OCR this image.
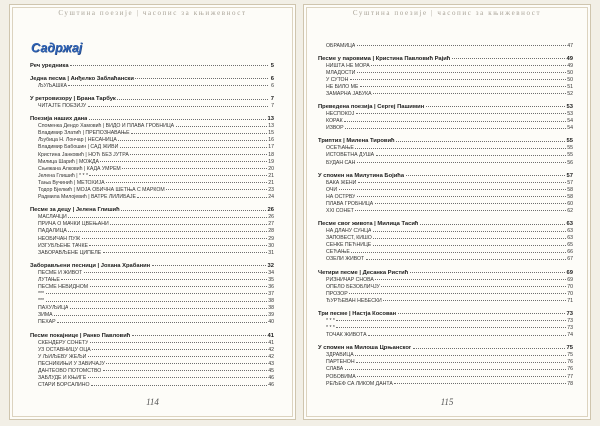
Суштина поезије | часопис за књижевност
Садржај
Реч уредника	5
Једна песма | Анђелко Заблаћански	6
ЉУЉАШКА	6
У ретровизору | Брана Тарбук	7
ЧИТАЈТЕ ПОЕЗИЈУ	7
Поезија наших дана	13
Споменка Дендо Хамовић | ВИДО И ПЛАВА ГРОБНИЦА	13
Владимир Златић | ПРЕПОЗНАВАЊЕ	15
Љубица Н. Лончар | НЕСАНИЦА	16
Владимир Бабошин | САД ЖИВИ	17
Кристина Јанковић | НОЋ БЕЗ ЈУТРА	18
Милица Шарић | МОЖДА	19
Сњежана Алковић | КАДА УМРЕМ	20
Јелена Глишић | * * *	21
Тања Вучинић | МЕТОХИЈА	21
Тодор Бјелкић | МОЈА ОБИЧНА ШЕТЊА С МАРКОМ	23
Радмила Милојевић | ВАТРЕ ЛИЛИБАЈЕ	24
Песме за децу | Јелена Глишић	26
МАСЛАЧЦИ	26
ПРИЧА О МАЧКИ ЦВЕЊАНИ	27
ПАДАЛИЦА	28
НЕОБИЧАН ПУЖ	29
ИЗГУБЉЕНЕ ТАЧКЕ	30
ЗАБОРАВЉЕНЕ ЦИПЕЛЕ	31
Заборављени песници | Јохана Храбанин	32
ПЕСМЕ И ЖИВОТ	34
ЛУТАЊЕ	35
ПЕСМЕ НЕВИДНОМ	36
***	37
***	38
ПАХУЉИЦА	38
ЗИМА	39
ПЕХАР	40
Песме покајнице | Ранко Павловић	41
СКЕНДЕРУ СОНЕТУ	41
УЗ ОСТАВНИЦУ ОЦА	42
У ЉИЉЕВУ ЖЕЉИ	42
ПЕСНИКИЊИ У ЗАВИЧАЈУ	43
ДАНТЕОВО ПОТОМСТВО	45
ЗАБЛУДЕ И КЊИГЕ	46
СТАРИ БОРСАЛИНО	46
114
Суштина поезије | часопис за књижевност
ОБРАМИЦА	47
Песме у паровима | Кристина Павловић Рајић	49
НИШТА НЕ МОРА	49
МЛАДОСТИ	50
У СУТОН	50
НЕ БИЛО МЕ	51
ЗАМАРНА ЈАБУКА	52
Преведена поезија | Сергеј Пашимин	53
НЕСПОКОЈ	53
КОРАК	54
ИЗВОР	54
Триптих | Милена Тировић	55
ОСЕЋАЊЕ	55
ИСТОВЕТНА ДУША	55
БУДАН САН	56
У спомен на Милутина Бојића	57
БАКА ЖЕНИ	57
ОЧИ	58
НА ОСТРВУ	58
ПЛАВА ГРОБНИЦА	60
XXI СОНЕТ	62
Песме свог живота | Милица Тасић	63
НА ДЛАНУ СУНЦА	63
ЗАПОВЕСТ, КИШО	63
СЕНКЕ ПЕЋНИЦЕ	65
СЕЋАЊЕ	66
ОЗЕЛИ ЖИВОТ	67
Четири песме | Десанка Ристић	69
РИЗНИЧАР СНОВА	69
ОПЕЛО БЕЗОБЛИЧЈУ	70
ПРОЗОР	70
ЂУРЂЕВАН НЕБЕСКИ	71
Три песме | Настја Косован	73
* * *	73
* * *	73
ТОЧАК ЖИВОТА	74
У спомен на Милоша Црњанског	75
ЗДРАВИЦА	75
ПАРТЕНОН	76
СЛАВА	76
РОБОВИМА	77
РЕЉЕФ СА ЛИКОМ ДАНТА	78
115
